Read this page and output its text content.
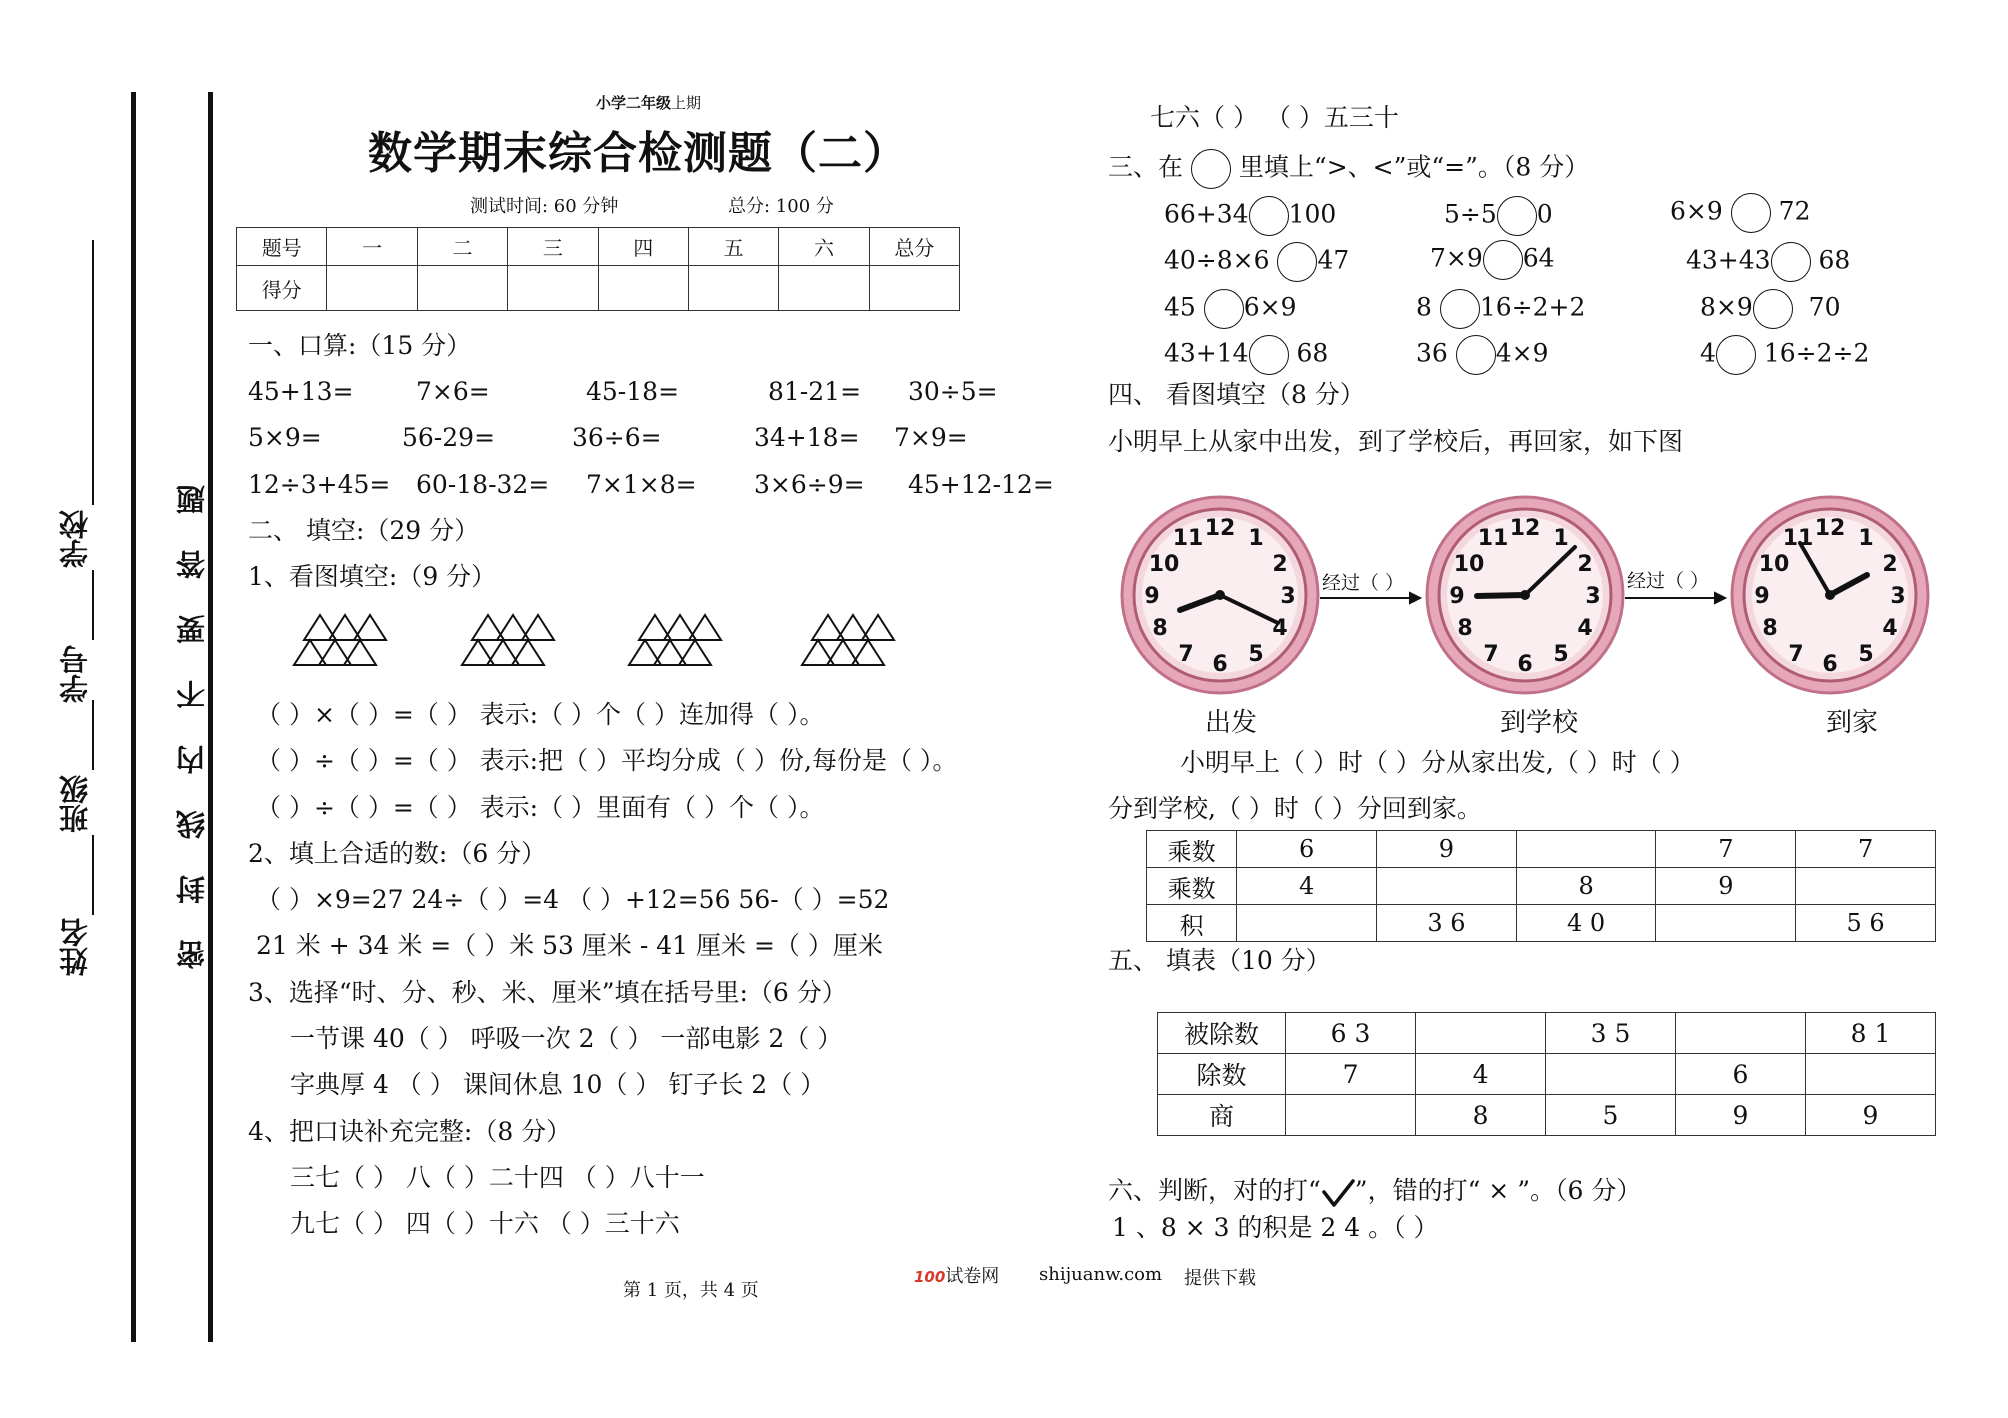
学校
学号
班级
姓名
题
答
要
不
内
线
封
密
小学二年级上期
数学期末综合检测题（二）
测试时间: 60 分钟	总分: 100 分
题号	一	二	三	四	五	六	总分
得分							
一、口算:（15 分）
45+13= 7×6=	45-18=	81-21= 30÷5=
5×9=	56-29=	36÷6=	34+18= 7×9=
12÷3+45= 60-18-32= 7×1×8= 3×6÷9= 45+12-12=
二、 填空:（29 分）
1、看图填空:（9 分）
（ ）×（ ）=（ ） 表示:（ ）个（ ）连加得（ ）。
（ ）÷（ ）=（ ） 表示:把（ ）平均分成（ ）份,每份是（ ）。
（ ）÷（ ）=（ ） 表示:（ ）里面有（ ）个（ ）。
2、填上合适的数:（6 分）
（ ）×9=27 24÷（ ）=4 （ ）+12=56 56-（ ）=52
21 米 + 34 米 =（ ）米 53 厘米 - 41 厘米 =（ ）厘米
3、选择“时、分、秒、米、厘米”填在括号里:（6 分）
一节课 40（ ） 呼吸一次 2（ ） 一部电影 2（ ）
字典厚 4 （ ） 课间休息 10（ ） 钉子长 2（ ）
4、把口诀补充完整:（8 分）
三七（ ） 八（ ）二十四 （ ）八十一
九七（ ） 四（ ）十六 （ ）三十六
七六（ ） （ ）五三十
三、在 里填上“>、<”或“=”。（8 分）
66+34 100	5÷5 0	6×9 72
40÷8×6 47	7×9 64	43+43 68
45 6×9	8 16÷2+2	8×9 70
43+14 68	36 4×9	4 16÷2÷2
四、 看图填空（8 分）
小明早上从家中出发，到了学校后，再回家，如下图
经过（ ）	经过（ ）
出发	到学校	到家
小明早上（ ）时（ ）分从家出发,（ ）时（ ）
分到学校,（ ）时（ ）分回到家。
乘数	6	9		7	7
乘数	4		8	9	
积		3 6	4 0		5 6
五、 填表（10 分）
被除数	6 3		3 5		8 1
除数	7	4		6	
商		8	5	9	9
六、判断，对的打“ ”，错的打“ × ”。（6 分）
1 、8 × 3 的积是 2 4 。（ ）
第 1 页，共 4 页
100试卷网 shijuanw.com 提供下载
